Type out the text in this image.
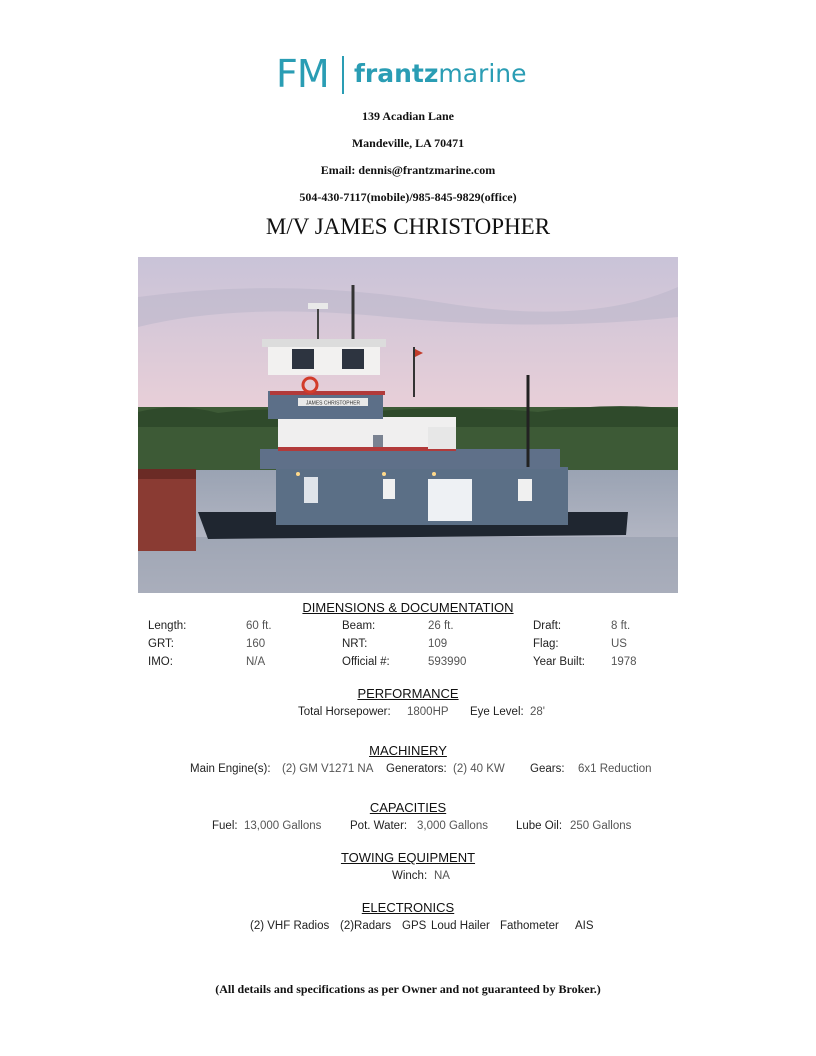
FM frantzmarine
139 Acadian Lane
Mandeville, LA 70471
Email: dennis@frantzmarine.com
504-430-7117(mobile)/985-845-9829(office)
M/V JAMES CHRISTOPHER
JAMES CHRISTOPHER
DIMENSIONS & DOCUMENTATION
Length:	60 ft.	Beam:	26 ft.	Draft:	8 ft.
GRT:	160	NRT:	109	Flag:	US
IMO:	N/A	Official #:	593990	Year Built: 1978
PERFORMANCE
Total Horsepower: 1800HP Eye Level: 28'
MACHINERY
Main Engine(s): (2) GM V1271 NA Generators: (2) 40 KW Gears: 6x1 Reduction
CAPACITIES
Fuel: 13,000 Gallons Pot. Water: 3,000 Gallons Lube Oil: 250 Gallons
TOWING EQUIPMENT
Winch: NA
ELECTRONICS
(2) VHF Radios (2)Radars GPS Loud Hailer Fathometer AIS
(All details and specifications as per Owner and not guaranteed by Broker.)
